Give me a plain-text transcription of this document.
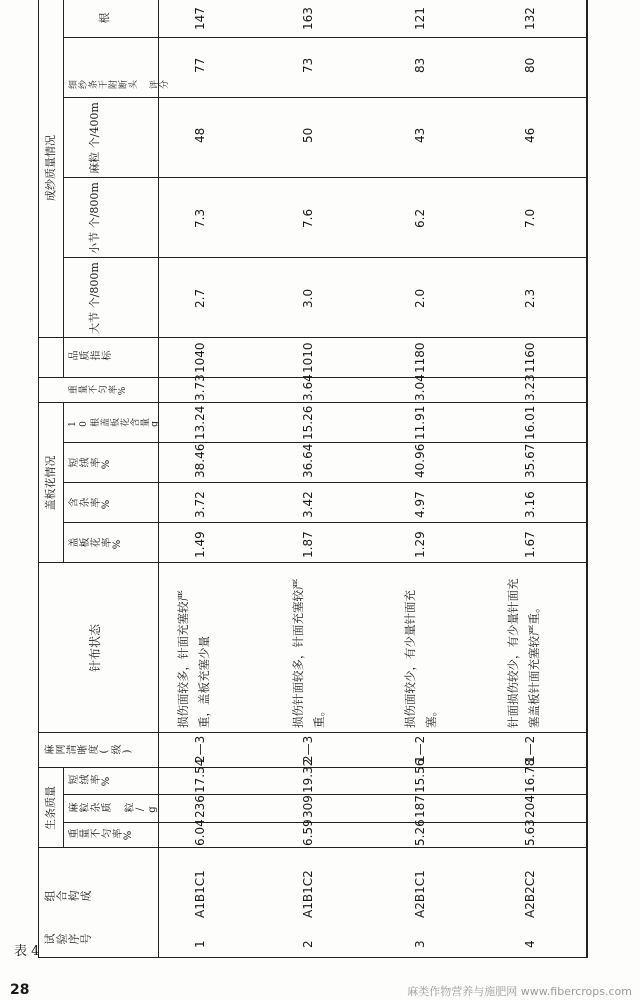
试验序号
组合构成
生条质量
重量不匀率%
麻粒杂质 粒/g
短绒率%
麻网清晰度(级)
针布状态
盖板花情况
盖板花率%
含杂率%
短绒率%
10根盖板花含量g
重量不匀率%
品质指标
成纱质量情况
大节 个/800m
小节 个/800m
麻粒 个/400m
细纱条干附断头 评分
根
1
A1B1C1
6.04
236
17.54
2—3
损伤面较多，针面充塞较严重，盖板充塞少量
1.49
3.72
38.46
13.24
3.73
1040
2.7
7.3
48
77
147
2
A1B1C2
6.59
309
19.32
2—3
损伤针面较多，针面充塞较严重。
1.87
3.42
36.64
15.26
3.64
1010
3.0
7.6
50
73
163
3
A2B1C1
5.26
187
15.56
1—2
损伤面较少，有少量针面充塞。
1.29
4.97
40.96
11.91
3.04
1180
2.0
6.2
43
83
121
4
A2B2C2
5.63
204
16.78
1—2
针面损伤较少，有少量针面充塞盖板针面充塞较严重。
1.67
3.16
35.67
16.01
3.23
1160
2.3
7.0
46
80
132
表 4
28	麻类作物营养与施肥网 www.fibercrops.com
